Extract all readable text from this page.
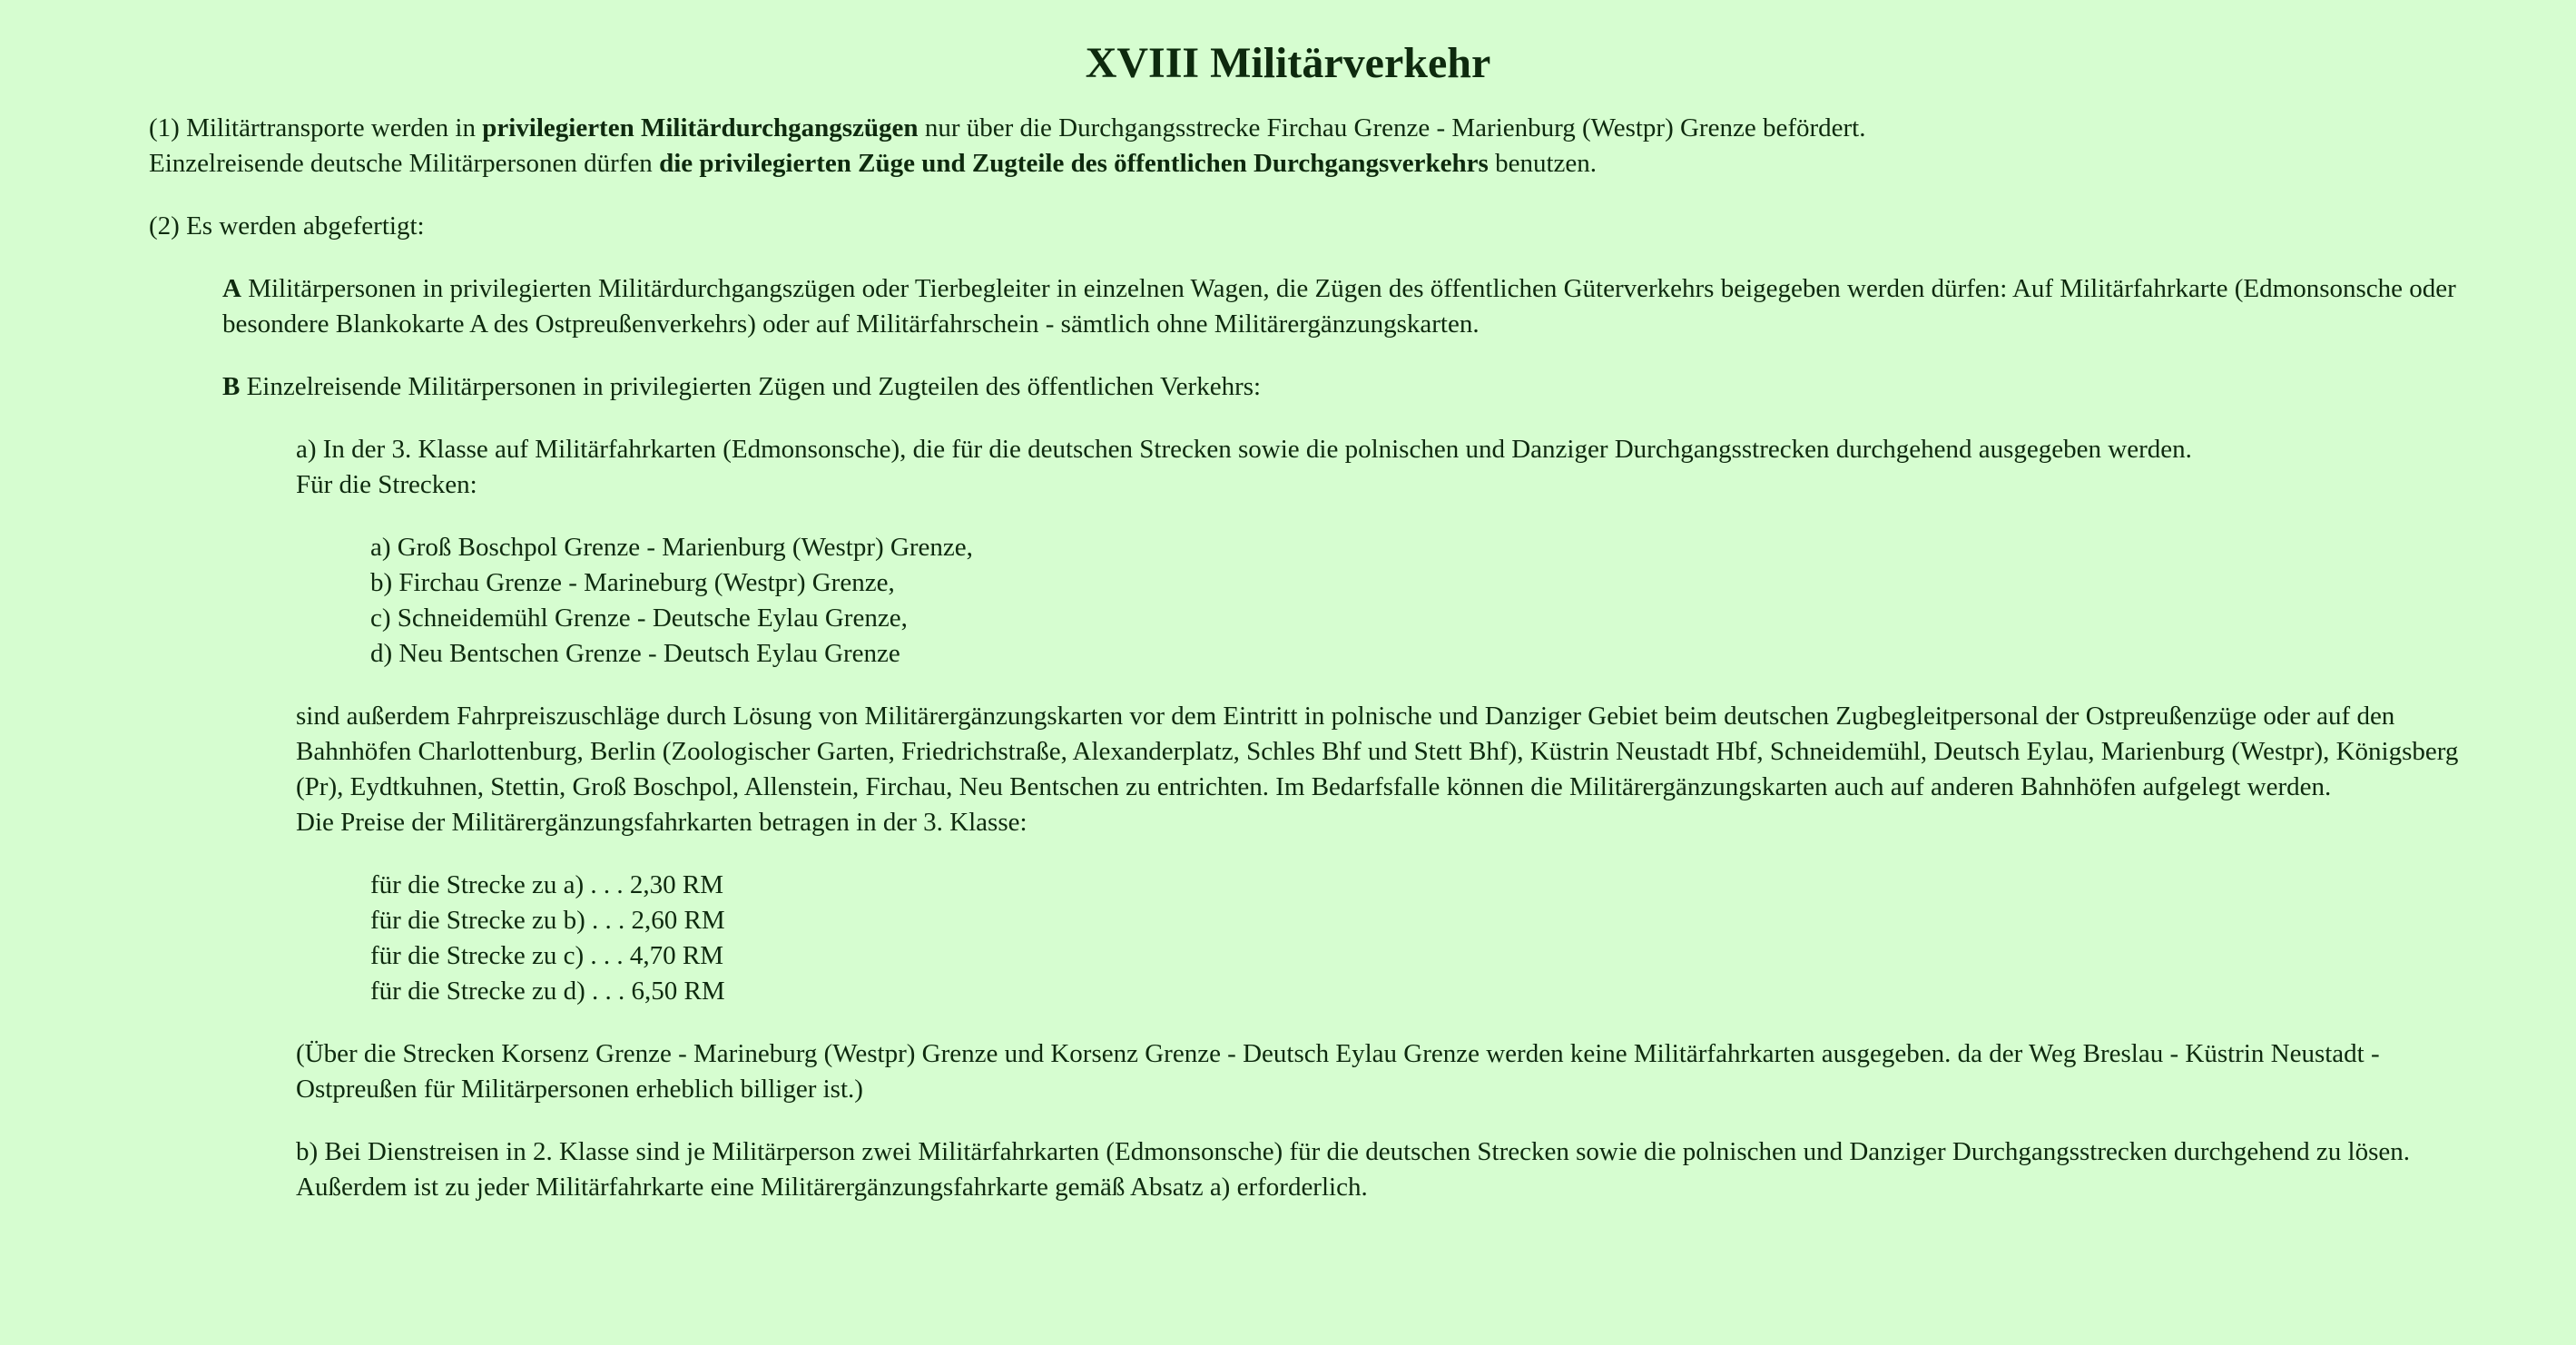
XVIII Militärverkehr

(1) Militärtransporte werden in privilegierten Militärdurchgangszügen nur über die Durchgangsstrecke Firchau Grenze - Marienburg (Westpr) Grenze befördert.

Einzelreisende deutsche Militärpersonen dürfen die privilegierten Züge und Zugteile des öffentlichen Durchgangsverkehrs benutzen.

(2) Es werden abgefertigt:

A Militärpersonen in privilegierten Militärdurchgangszügen oder Tierbegleiter in einzelnen Wagen, die Zügen des öffentlichen Güterverkehrs beigegeben werden dürfen: Auf Militärfahrkarte (Edmonsonsche oder besondere Blankokarte A des Ostpreußenverkehrs) oder auf Militärfahrschein - sämtlich ohne Militärergänzungskarten.

B Einzelreisende Militärpersonen in privilegierten Zügen und Zugteilen des öffentlichen Verkehrs:

a) In der 3. Klasse auf Militärfahrkarten (Edmonsonsche), die für die deutschen Strecken sowie die polnischen und Danziger Durchgangsstrecken durchgehend ausgegeben werden.

Für die Strecken:

a) Groß Boschpol Grenze - Marienburg (Westpr) Grenze,
b) Firchau Grenze - Marineburg (Westpr) Grenze,
c) Schneidemühl Grenze - Deutsche Eylau Grenze,
d) Neu Bentschen Grenze - Deutsch Eylau Grenze

sind außerdem Fahrpreiszuschläge durch Lösung von Militärergänzungskarten vor dem Eintritt in polnische und Danziger Gebiet beim deutschen Zugbegleitpersonal der Ostpreußenzüge oder auf den Bahnhöfen Charlottenburg, Berlin (Zoologischer Garten, Friedrichstraße, Alexanderplatz, Schles Bhf und Stett Bhf), Küstrin Neustadt Hbf, Schneidemühl, Deutsch Eylau, Marienburg (Westpr), Königsberg (Pr), Eydtkuhnen, Stettin, Groß Boschpol, Allenstein, Firchau, Neu Bentschen zu entrichten. Im Bedarfsfalle können die Militärergänzungskarten auch auf anderen Bahnhöfen aufgelegt werden.

Die Preise der Militärergänzungsfahrkarten betragen in der 3. Klasse:

für die Strecke zu a) . . . 2,30 RM
für die Strecke zu b) . . . 2,60 RM
für die Strecke zu c) . . . 4,70 RM
für die Strecke zu d) . . . 6,50 RM

(Über die Strecken Korsenz Grenze - Marineburg (Westpr) Grenze und Korsenz Grenze - Deutsch Eylau Grenze werden keine Militärfahrkarten ausgegeben. da der Weg Breslau - Küstrin Neustadt - Ostpreußen für Militärpersonen erheblich billiger ist.)

b) Bei Dienstreisen in 2. Klasse sind je Militärperson zwei Militärfahrkarten (Edmonsonsche) für die deutschen Strecken sowie die polnischen und Danziger Durchgangsstrecken durchgehend zu lösen.

Außerdem ist zu jeder Militärfahrkarte eine Militärergänzungsfahrkarte gemäß Absatz a) erforderlich.
